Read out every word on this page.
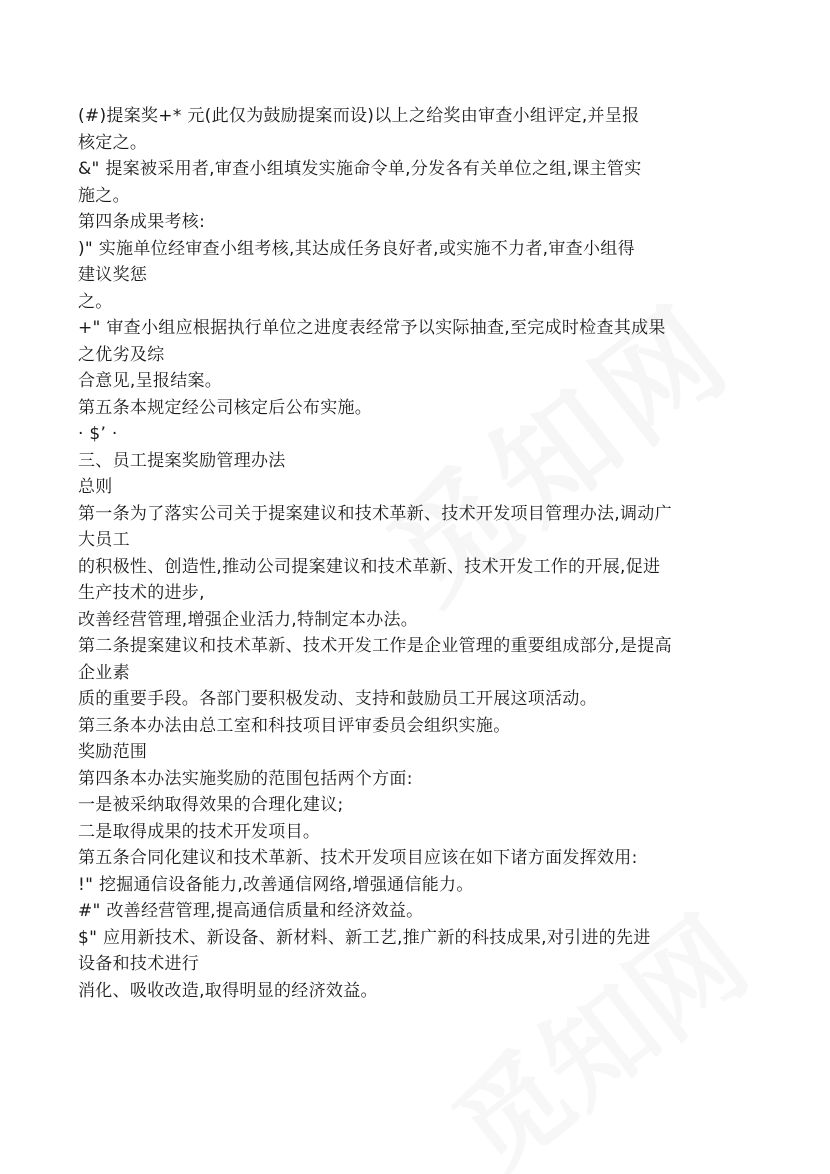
(#)提案奖+* 元(此仅为鼓励提案而设)以上之给奖由审查小组评定,并呈报
核定之。
&" 提案被采用者,审查小组填发实施命令单,分发各有关单位之组,课主管实
施之。
第四条成果考核:
)" 实施单位经审查小组考核,其达成任务良好者,或实施不力者,审查小组得
建议奖惩
之。
+" 审查小组应根据执行单位之进度表经常予以实际抽查,至完成时检查其成果
之优劣及综
合意见,呈报结案。
第五条本规定经公司核定后公布实施。
· $’ ·
三、员工提案奖励管理办法
总则
第一条为了落实公司关于提案建议和技术革新、技术开发项目管理办法,调动广
大员工
的积极性、创造性,推动公司提案建议和技术革新、技术开发工作的开展,促进
生产技术的进步,
改善经营管理,增强企业活力,特制定本办法。
第二条提案建议和技术革新、技术开发工作是企业管理的重要组成部分,是提高
企业素
质的重要手段。各部门要积极发动、支持和鼓励员工开展这项活动。
第三条本办法由总工室和科技项目评审委员会组织实施。
奖励范围
第四条本办法实施奖励的范围包括两个方面:
一是被采纳取得效果的合理化建议;
二是取得成果的技术开发项目。
第五条合同化建议和技术革新、技术开发项目应该在如下诸方面发挥效用:
!" 挖掘通信设备能力,改善通信网络,增强通信能力。
#" 改善经营管理,提高通信质量和经济效益。
$" 应用新技术、新设备、新材料、新工艺,推广新的科技成果,对引进的先进
设备和技术进行
消化、吸收改造,取得明显的经济效益。
